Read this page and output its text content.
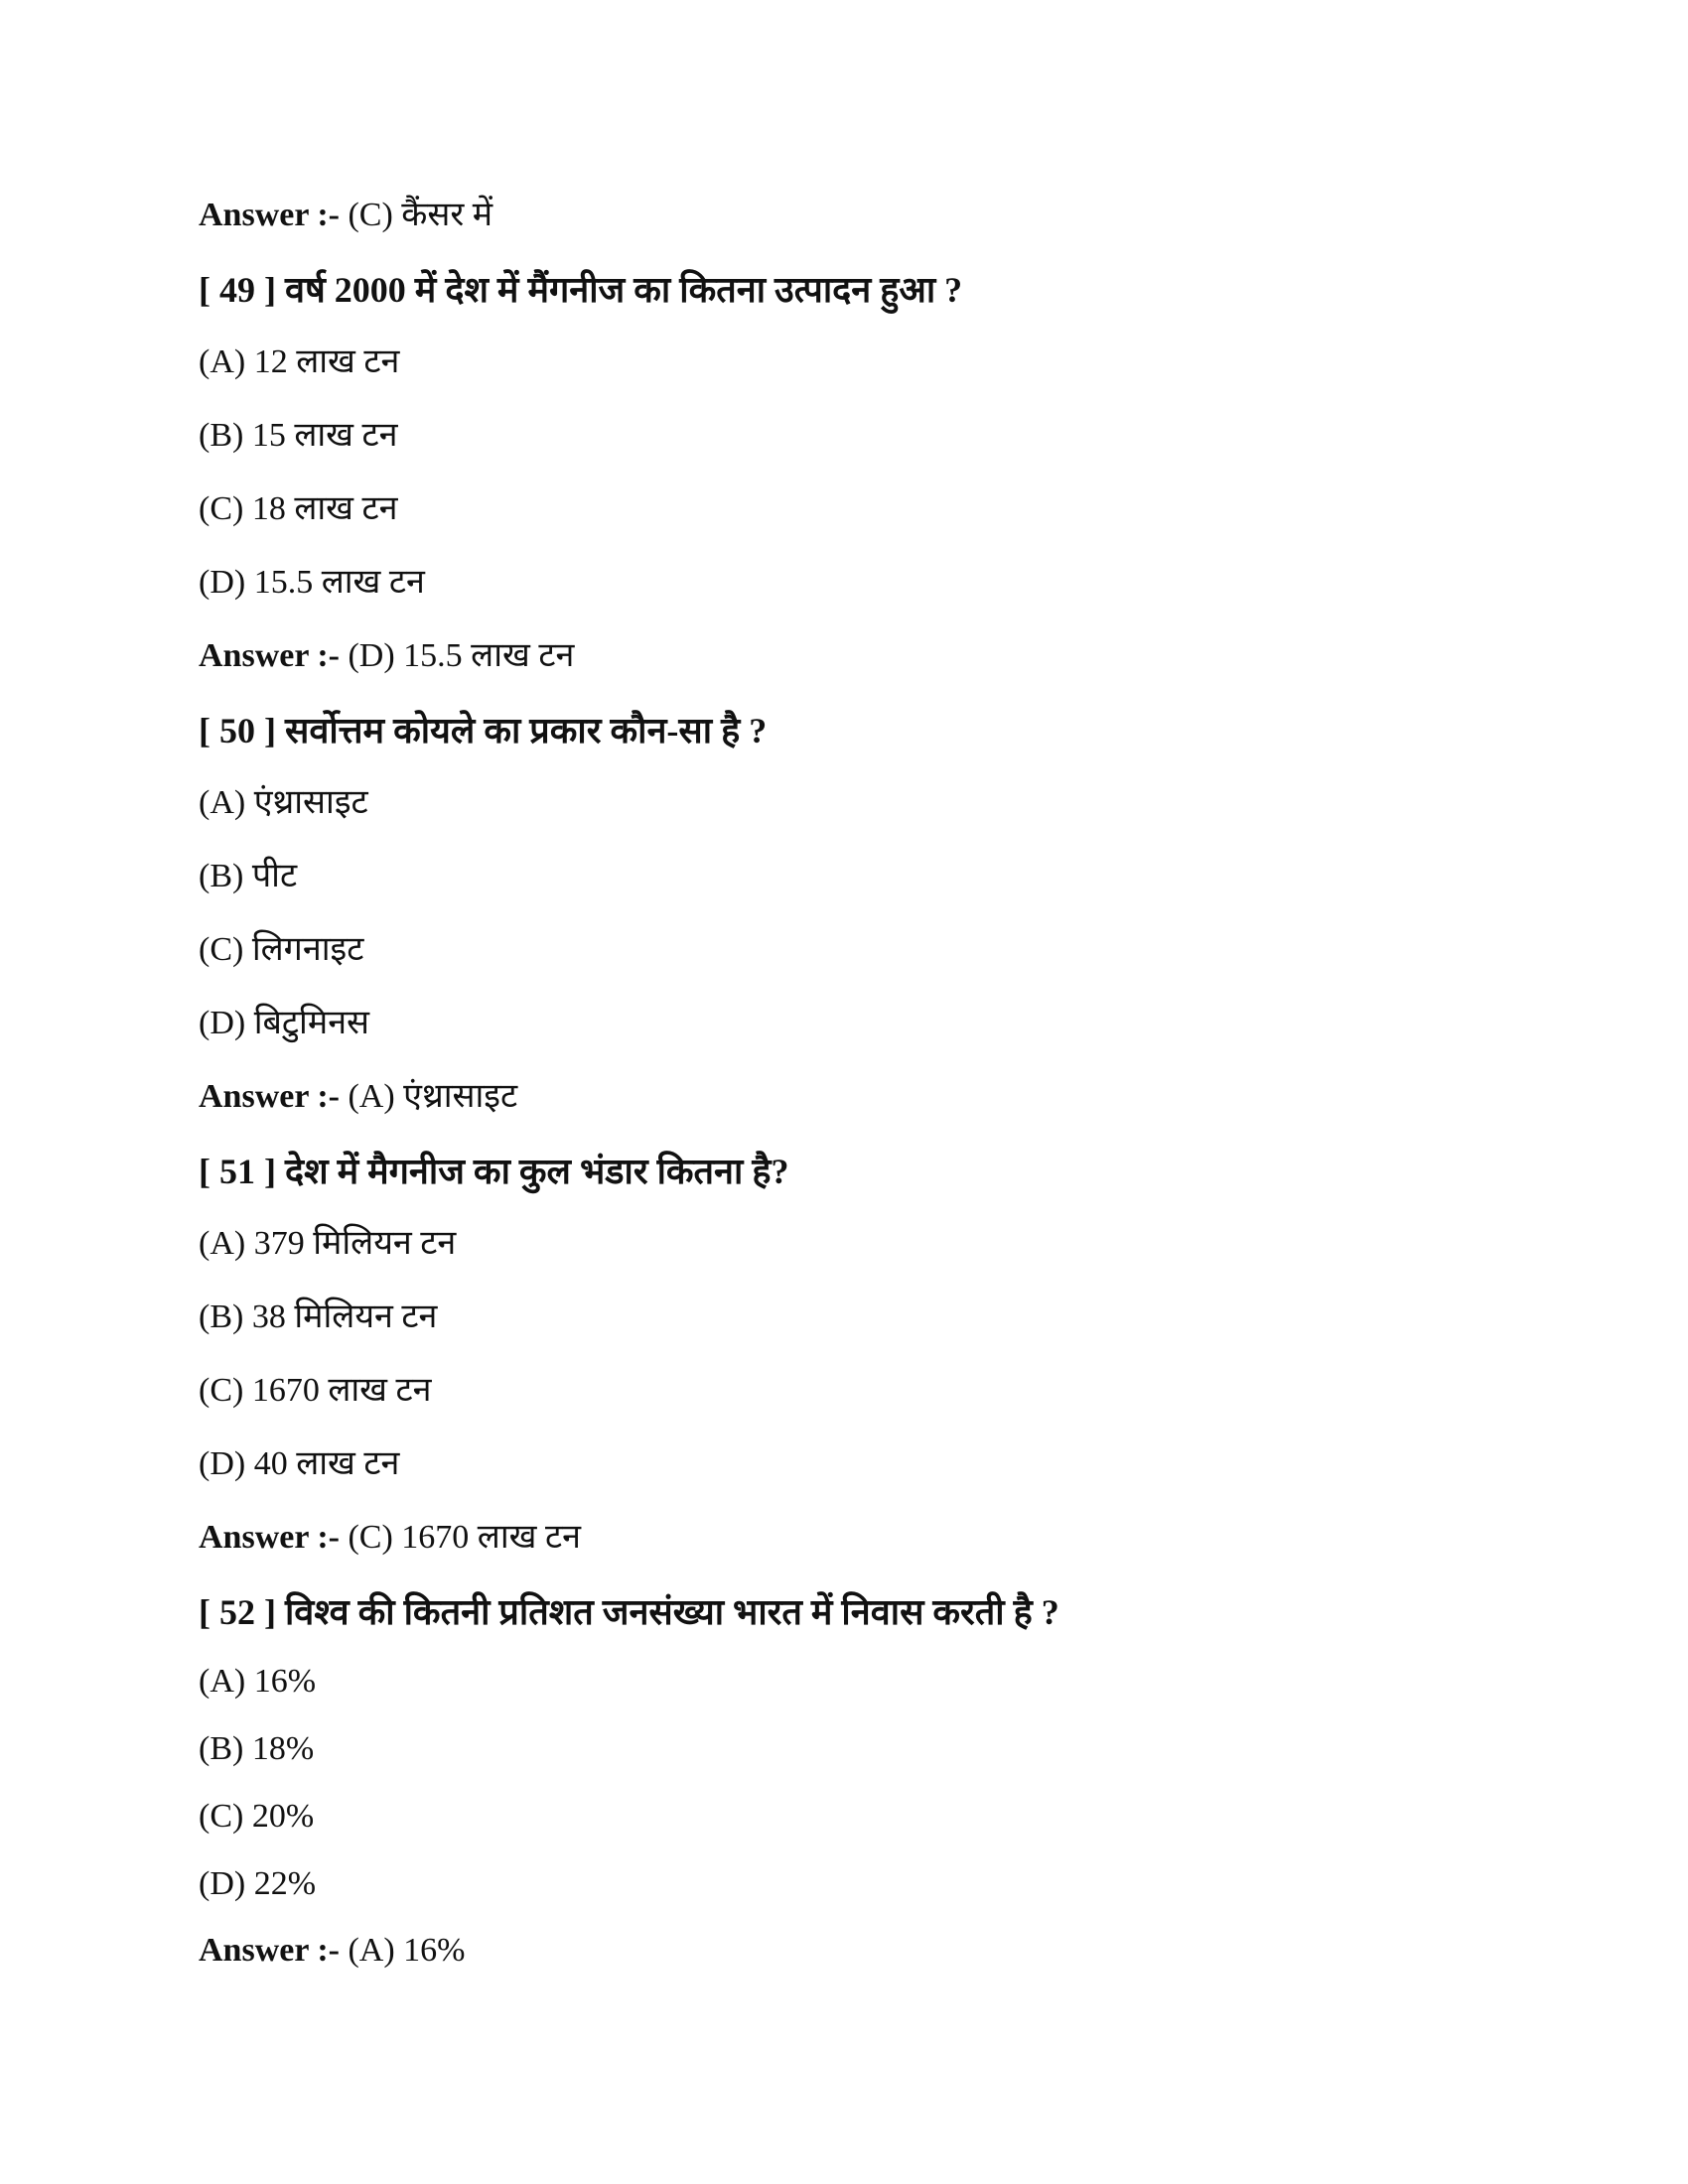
Answer :- (C) कैंसर में
[ 49 ] वर्ष 2000 में देश में मैंगनीज का कितना उत्पादन हुआ ?
(A) 12 लाख टन
(B) 15 लाख टन
(C) 18 लाख टन
(D) 15.5 लाख टन
Answer :- (D) 15.5 लाख टन
[ 50 ] सर्वोत्तम कोयले का प्रकार कौन-सा है ?
(A) एंथ्रासाइट
(B) पीट
(C) लिगनाइट
(D) बिटुमिनस
Answer :- (A) एंथ्रासाइट
[ 51 ] देश में मैगनीज का कुल भंडार कितना है?
(A) 379 मिलियन टन
(B) 38 मिलियन टन
(C) 1670 लाख टन
(D) 40 लाख टन
Answer :- (C) 1670 लाख टन
[ 52 ] विश्व की कितनी प्रतिशत जनसंख्या भारत में निवास करती है ?
(A) 16%
(B) 18%
(C) 20%
(D) 22%
Answer :- (A) 16%
